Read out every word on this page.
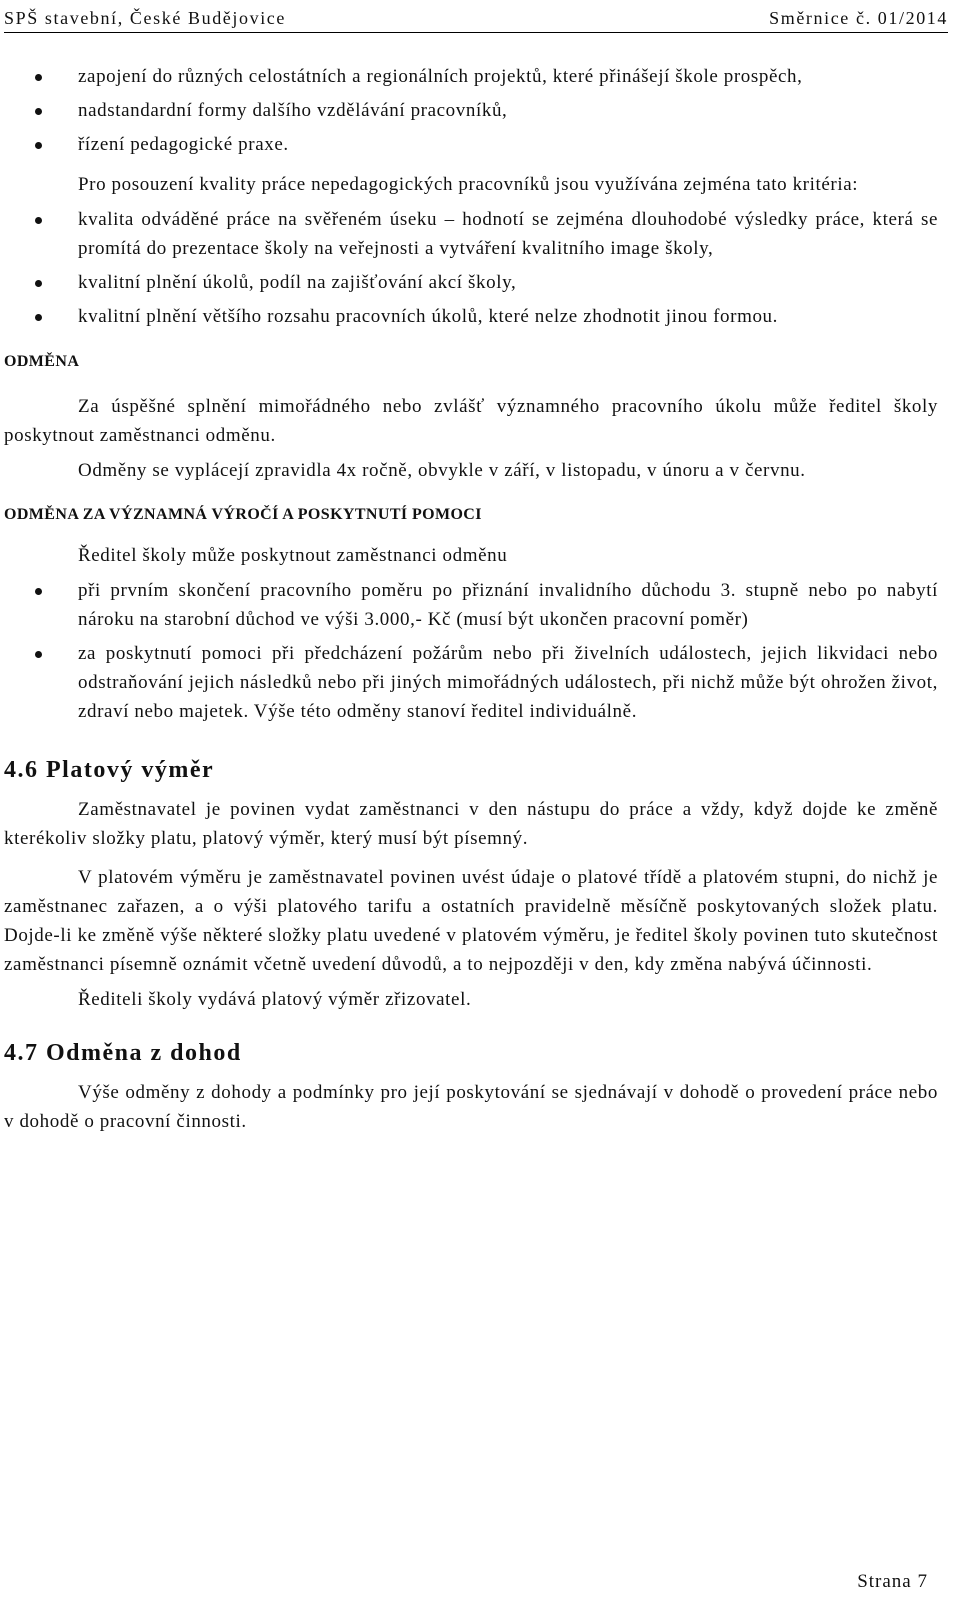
SPŠ stavební, České Budějovice	Směrnice č. 01/2014
zapojení do různých celostátních a regionálních projektů, které přinášejí škole prospěch,
nadstandardní formy dalšího vzdělávání pracovníků,
řízení pedagogické praxe.

Pro posouzení kvality práce nepedagogických pracovníků jsou využívána zejména tato kritéria:

kvalita odváděné práce na svěřeném úseku – hodnotí se zejména dlouhodobé výsledky práce, která se promítá do prezentace školy na veřejnosti a vytváření kvalitního image školy,
kvalitní plnění úkolů, podíl na zajišťování akcí školy,
kvalitní plnění většího rozsahu pracovních úkolů, které nelze zhodnotit jinou formou.
ODMĚNA

Za úspěšné splnění mimořádného nebo zvlášť významného pracovního úkolu může ředitel školy poskytnout zaměstnanci odměnu.

Odměny se vyplácejí zpravidla 4x ročně, obvykle v září, v listopadu, v únoru a v červnu.

ODMĚNA ZA VÝZNAMNÁ VÝROČÍ A POSKYTNUTÍ POMOCI

Ředitel školy může poskytnout zaměstnanci odměnu

při prvním skončení pracovního poměru po přiznání invalidního důchodu 3. stupně nebo po nabytí nároku na starobní důchod ve výši 3.000,- Kč (musí být ukončen pracovní poměr)
za poskytnutí pomoci při předcházení požárům nebo při živelních událostech, jejich likvidaci nebo odstraňování jejich následků nebo při jiných mimořádných událostech, při nichž může být ohrožen život, zdraví nebo majetek. Výše této odměny stanoví ředitel individuálně.
4.6 Platový výměr

Zaměstnavatel je povinen vydat zaměstnanci v den nástupu do práce a vždy, když dojde ke změně kterékoliv složky platu, platový výměr, který musí být písemný.

V platovém výměru je zaměstnavatel povinen uvést údaje o platové třídě a platovém stupni, do nichž je zaměstnanec zařazen, a o výši platového tarifu a ostatních pravidelně měsíčně poskytovaných složek platu. Dojde-li ke změně výše některé složky platu uvedené v platovém výměru, je ředitel školy povinen tuto skutečnost zaměstnanci písemně oznámit včetně uvedení důvodů, a to nejpozději v den, kdy změna nabývá účinnosti.

Řediteli školy vydává platový výměr zřizovatel.

4.7 Odměna z dohod

Výše odměny z dohody a podmínky pro její poskytování se sjednávají v dohodě o provedení práce nebo v dohodě o pracovní činnosti.

Strana 7
